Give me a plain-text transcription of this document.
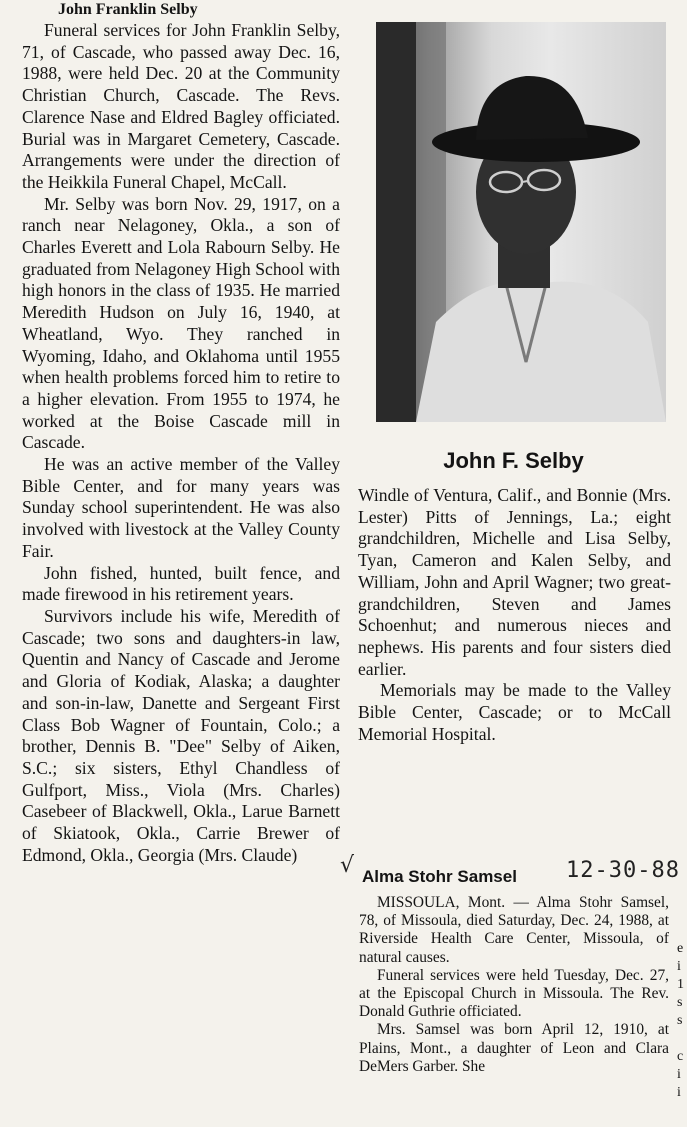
John Franklin Selby

Funeral services for John Franklin Selby, 71, of Cascade, who passed away Dec. 16, 1988, were held Dec. 20 at the Community Christian Church, Cascade. The Revs. Clarence Nase and Eldred Bagley officiated. Burial was in Margaret Cemetery, Cascade. Arrangements were under the direction of the Heikkila Funeral Chapel, McCall.

Mr. Selby was born Nov. 29, 1917, on a ranch near Nelagoney, Okla., a son of Charles Everett and Lola Rabourn Selby. He graduated from Nelagoney High School with high honors in the class of 1935. He married Meredith Hudson on July 16, 1940, at Wheatland, Wyo. They ranched in Wyoming, Idaho, and Oklahoma until 1955 when health problems forced him to retire to a higher elevation. From 1955 to 1974, he worked at the Boise Cascade mill in Cascade.

He was an active member of the Valley Bible Center, and for many years was Sunday school superintendent. He was also involved with livestock at the Valley County Fair.

John fished, hunted, built fence, and made firewood in his retirement years.

Survivors include his wife, Meredith of Cascade; two sons and daughters-in law, Quentin and Nancy of Cascade and Jerome and Gloria of Kodiak, Alaska; a daughter and son-in-law, Danette and Sergeant First Class Bob Wagner of Fountain, Colo.; a brother, Dennis B. "Dee" Selby of Aiken, S.C.; six sisters, Ethyl Chandless of Gulfport, Miss., Viola (Mrs. Charles) Casebeer of Blackwell, Okla., Larue Barnett of Skiatook, Okla., Carrie Brewer of Edmond, Okla., Georgia (Mrs. Claude)

John F. Selby

Windle of Ventura, Calif., and Bonnie (Mrs. Lester) Pitts of Jennings, La.; eight grandchildren, Michelle and Lisa Selby, Tyan, Cameron and Kalen Selby, and William, John and April Wagner; two great-grandchildren, Steven and James Schoenhut; and numerous nieces and nephews. His parents and four sisters died earlier.

Memorials may be made to the Valley Bible Center, Cascade; or to McCall Memorial Hospital.

√ Alma Stohr Samsel 12-30-88

MISSOULA, Mont. — Alma Stohr Samsel, 78, of Missoula, died Saturday, Dec. 24, 1988, at Riverside Health Care Center, Missoula, of natural causes.

Funeral services were held Tuesday, Dec. 27, at the Episcopal Church in Missoula. The Rev. Donald Guthrie officiated.

Mrs. Samsel was born April 12, 1910, at Plains, Mont., a daughter of Leon and Clara DeMers Garber. She

e
i
1
s
s

c
i
i
